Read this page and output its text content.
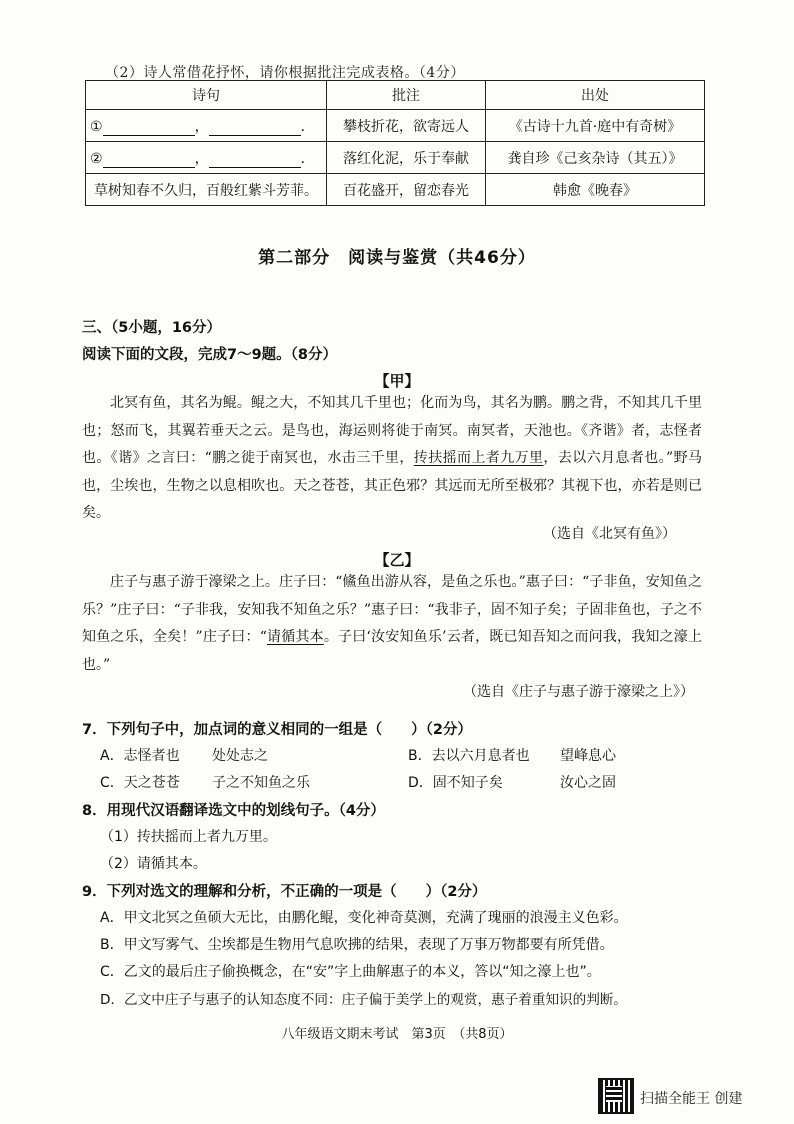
（2）诗人常借花抒怀，请你根据批注完成表格。（4分）
诗句	批注	出处
① ， ．	攀枝折花，欲寄远人	《古诗十九首·庭中有奇树》
② ， ．	落红化泥，乐于奉献	龚自珍《己亥杂诗（其五）》
草树知春不久归，百般红紫斗芳菲。	百花盛开，留恋春光	韩愈《晚春》
第二部分　阅读与鉴赏（共46分）
三、（5小题，16分）
阅读下面的文段，完成7～9题。（8分）
【甲】

北冥有鱼，其名为鲲。鲲之大，不知其几千里也；化而为鸟，其名为鹏。鹏之背，不知其几千里也；怒而飞，其翼若垂天之云。是鸟也，海运则将徙于南冥。南冥者，天池也。《齐谐》者，志怪者也。《谐》之言曰：“鹏之徙于南冥也，水击三千里，抟扶摇而上者九万里，去以六月息者也。”野马也，尘埃也，生物之以息相吹也。天之苍苍，其正色邪？其远而无所至极邪？其视下也，亦若是则已矣。

（选自《北冥有鱼》）
【乙】

庄子与惠子游于濠梁之上。庄子曰：“鯈鱼出游从容，是鱼之乐也。”惠子曰：“子非鱼，安知鱼之乐？”庄子曰：“子非我，安知我不知鱼之乐？”惠子曰：“我非子，固不知子矣；子固非鱼也，子之不知鱼之乐，全矣！”庄子曰：“请循其本。子曰‘汝安知鱼乐’云者，既已知吾知之而问我，我知之濠上也。”

（选自《庄子与惠子游于濠梁之上》）
7．下列句子中，加点词的意义相同的一组是（　　）（2分）
A．志怪者也 处处志之	B．去以六月息者也 望峰息心
C．天之苍苍 子之不知鱼之乐	D．固不知子矣	汝心之固
8．用现代汉语翻译选文中的划线句子。（4分）
（1）抟扶摇而上者九万里。
（2）请循其本。
9．下列对选文的理解和分析，不正确的一项是（　　）（2分）
A．甲文北冥之鱼硕大无比，由鹏化鲲，变化神奇莫测，充满了瑰丽的浪漫主义色彩。
B．甲文写雾气、尘埃都是生物用气息吹拂的结果，表现了万事万物都要有所凭借。
C．乙文的最后庄子偷换概念，在“安”字上曲解惠子的本义，答以“知之濠上也”。
D．乙文中庄子与惠子的认知态度不同：庄子偏于美学上的观赏，惠子着重知识的判断。
八年级语文期末考试　第3页　（共8页）
扫描全能王 创建
